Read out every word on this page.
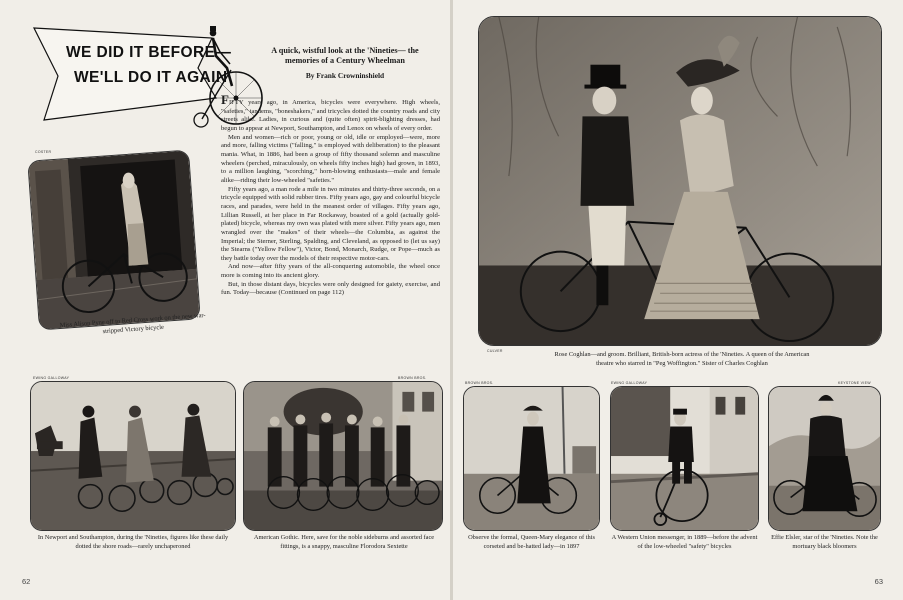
WE DID IT BEFORE—
WE'LL DO IT AGAIN
A quick, wistful look at the 'Nineties— the memories of a Century Wheelman
By Frank Crowninshield
COSTER
Miss Alison Pyne off to Red Cross work on the new war-stripped Victory bicycle

FIFTY years ago, in America, bicycles were everywhere. High wheels, "safeties," tandems, "boneshakers," and tricycles dotted the country roads and city streets alike. Ladies, in curious and (quite often) spirit-blighting dresses, had begun to appear at Newport, Southampton, and Lenox on wheels of every order.

Men and women—rich or poor, young or old, idle or employed—were, more and more, falling victims ("falling," is employed with deliberation) to the pleasant mania. What, in 1886, had been a group of fifty thousand solemn and masculine wheelers (perched, miraculously, on wheels fifty inches high) had grown, in 1893, to a million laughing, "scorching," horn-blowing enthusiasts—male and female alike—riding their low-wheeled "safeties."

Fifty years ago, a man rode a mile in two minutes and thirty-three seconds, on a tricycle equipped with solid rubber tires. Fifty years ago, gay and colourful bicycle races, and parades, were held in the meanest order of villages. Fifty years ago, Lillian Russell, at her place in Far Rockaway, boasted of a gold (actually gold-plated) bicycle, whereas my own was plated with mere silver. Fifty years ago, men wrangled over the "makes" of their wheels—the Columbia, as against the Imperial; the Sterner, Sterling, Spalding, and Cleveland, as opposed to (let us say) the Stearns ("Yellow Fellow"), Victor, Bond, Monarch, Rudge, or Pope—much as they battle today over the models of their respective motor-cars.

And now—after fifty years of the all-conquering automobile, the wheel once more is coming into its ancient glory.

But, in those distant days, bicycles were only designed for gaiety, exercise, and fun. Today—because (Continued on page 112)

EWING GALLOWAY
In Newport and Southampton, during the 'Nineties, figures like these daily dotted the shore roads—rarely unchaperoned
BROWN BROS.
American Gothic. Here, save for the noble sideburns and assorted face fittings, is a snappy, masculine Florodora Sextette
62
CULVER	Rose Coghlan—and groom. Brilliant, British-born actress of the 'Nineties. A queen of the American theatre who starred in "Peg Woffington." Sister of Charles Coghlan
BROWN BROS.
Observe the formal, Queen-Mary elegance of this corseted and be-hatted lady—in 1897
EWING GALLOWAY
A Western Union messenger, in 1889—before the advent of the low-wheeled "safety" bicycles
KEYSTONE VIEW
Effie Elsler, star of the 'Nineties. Note the mortuary black bloomers
63
